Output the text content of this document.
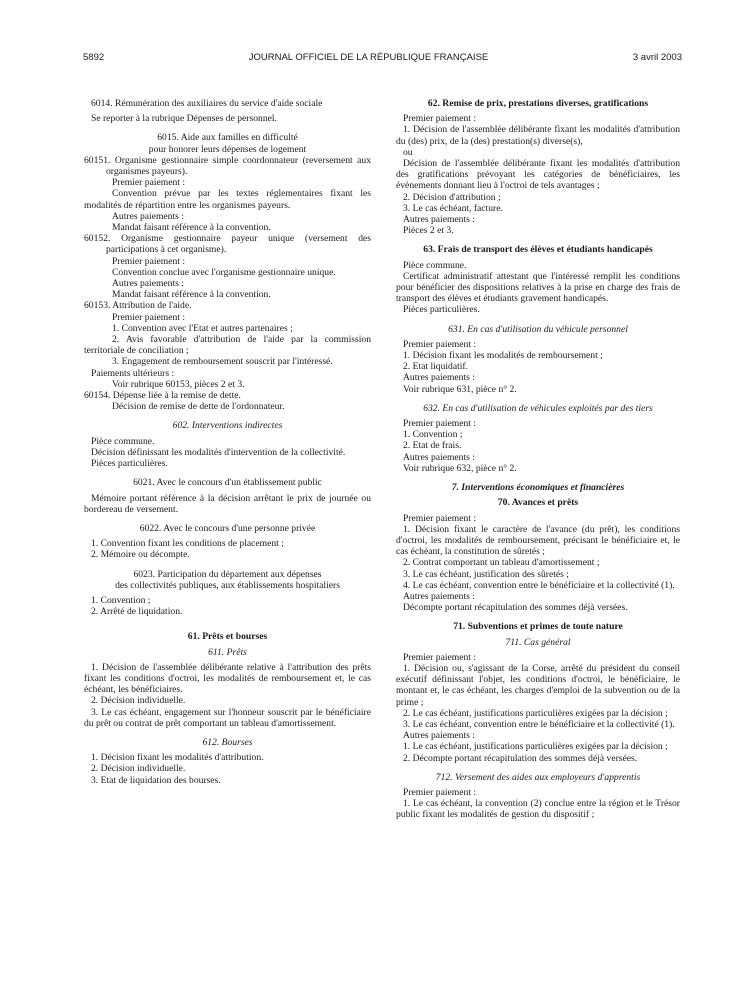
5892	JOURNAL OFFICIEL DE LA RÉPUBLIQUE FRANÇAISE	3 avril 2003

6014. Rémunération des auxiliaires du service d'aide sociale

Se reporter à la rubrique Dépenses de personnel.

6015. Aide aux familles en difficulté

pour honorer leurs dépenses de logement

60151. Organisme gestionnaire simple coordonnateur (reversement aux organismes payeurs).

Premier paiement :

Convention prévue par les textes réglementaires fixant les modalités de répartition entre les organismes payeurs.

Autres paiements :

Mandat faisant référence à la convention.

60152. Organisme gestionnaire payeur unique (versement des participations à cet organisme).

Premier paiement :

Convention conclue avec l'organisme gestionnaire unique.

Autres paiements :

Mandat faisant référence à la convention.

60153. Attribution de l'aide.

Premier paiement :

1. Convention avec l'Etat et autres partenaires ;

2. Avis favorable d'attribution de l'aide par la commission territoriale de conciliation ;

3. Engagement de remboursement souscrit par l'intéressé.

Paiements ultérieurs :

Voir rubrique 60153, pièces 2 et 3.

60154. Dépense liée à la remise de dette.

Décision de remise de dette de l'ordonnateur.

602. Interventions indirectes

Pièce commune.

Décision définissant les modalités d'intervention de la collectivité.

Pièces particulières.

6021. Avec le concours d'un établissement public

Mémoire portant référence à la décision arrêtant le prix de journée ou bordereau de versement.

6022. Avec le concours d'une personne privée

1. Convention fixant les conditions de placement ;

2. Mémoire ou décompte.

6023. Participation du département aux dépenses

des collectivités publiques, aux établissements hospitaliers

1. Convention ;

2. Arrêté de liquidation.

61. Prêts et bourses

611. Prêts

1. Décision de l'assemblée délibérante relative à l'attribution des prêts fixant les conditions d'octroi, les modalités de remboursement et, le cas échéant, les bénéficiaires.

2. Décision individuelle.

3. Le cas échéant, engagement sur l'honneur souscrit par le bénéficiaire du prêt ou contrat de prêt comportant un tableau d'amortissement.

612. Bourses

1. Décision fixant les modalités d'attribution.

2. Décision individuelle.

3. Etat de liquidation des bourses.

62. Remise de prix, prestations diverses, gratifications

Premier paiement :

1. Décision de l'assemblée délibérante fixant les modalités d'attribution du (des) prix, de la (des) prestation(s) diverse(s),

ou

Décision de l'assemblée délibérante fixant les modalités d'attribution des gratifications prévoyant les catégories de bénéficiaires, les évènements donnant lieu à l'octroi de tels avantages ;

2. Décision d'attribution ;

3. Le cas échéant, facture.

Autres paiements :

Pièces 2 et 3.

63. Frais de transport des élèves et étudiants handicapés

Pièce commune.

Certificat administratif attestant que l'intéressé remplit les conditions pour bénéficier des dispositions relatives à la prise en charge des frais de transport des élèves et étudiants gravement handicapés.

Pièces particulières.

631. En cas d'utilisation du véhicule personnel

Premier paiement :

1. Décision fixant les modalités de remboursement ;

2. Etat liquidatif.

Autres paiements :

Voir rubrique 631, pièce n° 2.

632. En cas d'utilisation de véhicules exploités par des tiers

Premier paiement :

1. Convention ;

2. Etat de frais.

Autres paiements :

Voir rubrique 632, pièce n° 2.

7. Interventions économiques et financières

70. Avances et prêts

Premier paiement :

1. Décision fixant le caractère de l'avance (du prêt), les conditions d'octroi, les modalités de remboursement, précisant le bénéficiaire et, le cas échéant, la constitution de sûretés ;

2. Contrat comportant un tableau d'amortissement ;

3. Le cas échéant, justification des sûretés ;

4. Le cas échéant, convention entre le bénéficiaire et la collectivité (1).

Autres paiements :

Décompte portant récapitulation des sommes déjà versées.

71. Subventions et primes de toute nature

711. Cas général

Premier paiement :

1. Décision ou, s'agissant de la Corse, arrêté du président du conseil exécutif définissant l'objet, les conditions d'octroi, le bénéficiaire, le montant et, le cas échéant, les charges d'emploi de la subvention ou de la prime ;

2. Le cas échéant, justifications particulières exigées par la décision ;

3. Le cas échéant, convention entre le bénéficiaire et la collectivité (1).

Autres paiements :

1. Le cas échéant, justifications particulières exigées par la décision ;

2. Décompte portant récapitulation des sommes déjà versées.

712. Versement des aides aux employeurs d'apprentis

Premier paiement :

1. Le cas échéant, la convention (2) conclue entre la région et le Trésor public fixant les modalités de gestion du dispositif ;
